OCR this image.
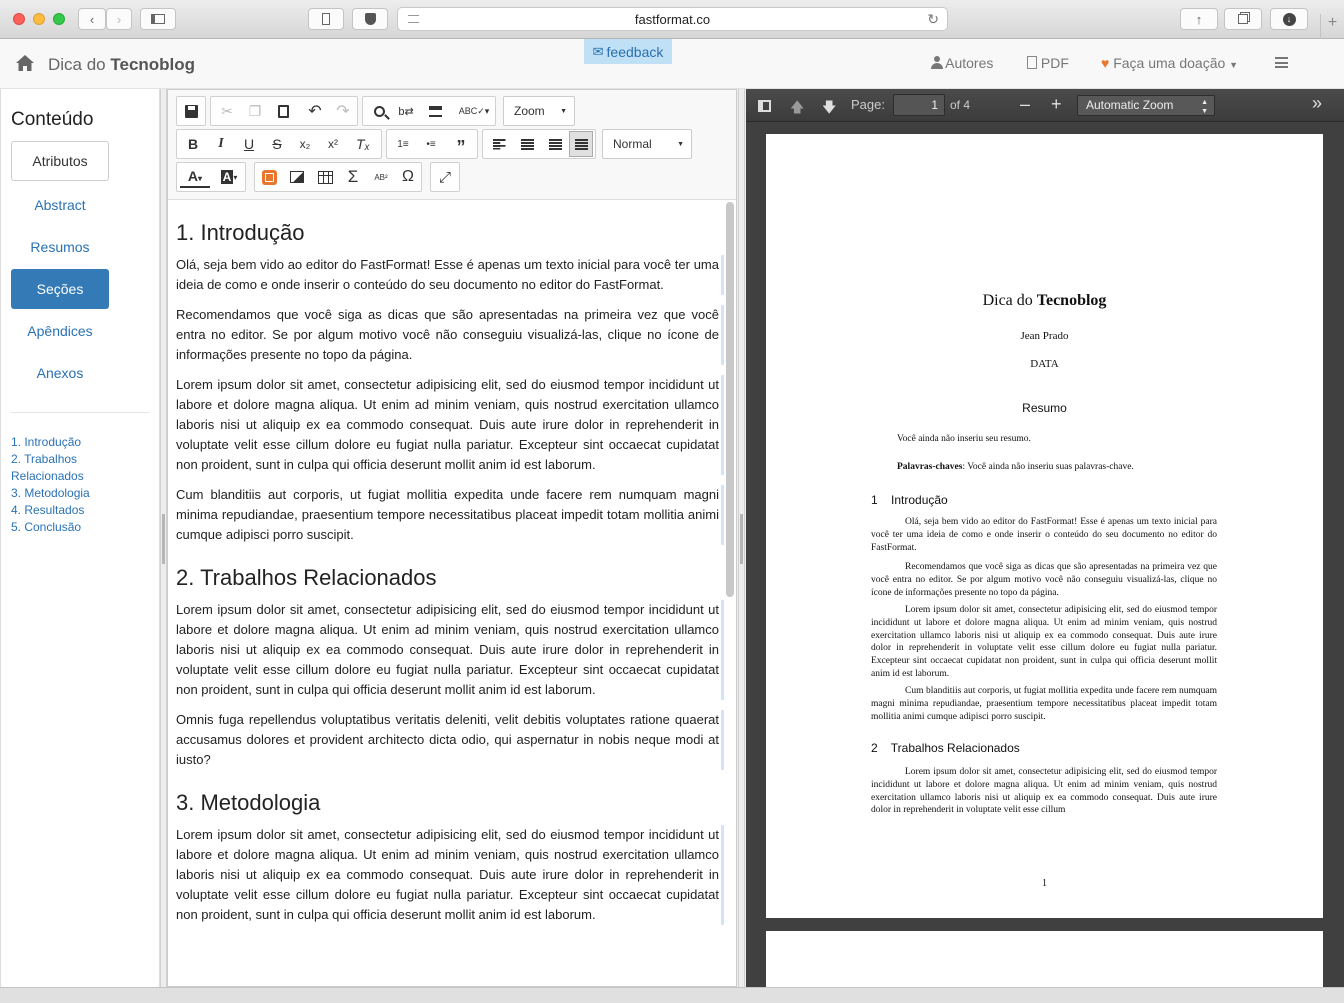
‹ ›	fastformat.co	↻	↑	↓	+
Dica do Tecnoblog	Autores	PDF ♥ Faça uma doação ▼
✉ feedback
Conteúdo
Atributos
Abstract
Resumos
Seções
Apêndices
Anexos
1. Introdução
2. Trabalhos Relacionados
3. Metodologia
4. Resultados
5. Conclusão
✂ ❐	↶ ↷	b⇄	ABC✓▾ Zoom ▼
B I U S x₂ x² Tₓ	1≡ •≡ ”	Normal	▼
A▾ A ▾	Σ AB² Ω ⤢
1. Introdução

Olá, seja bem vido ao editor do FastFormat! Esse é apenas um texto inicial para você ter uma ideia de como e onde inserir o conteúdo do seu documento no editor do FastFormat.

Recomendamos que você siga as dicas que são apresentadas na primeira vez que você entra no editor. Se por algum motivo você não conseguiu visualizá-las, clique no ícone de informações presente no topo da página.

Lorem ipsum dolor sit amet, consectetur adipisicing elit, sed do eiusmod tempor incididunt ut labore et dolore magna aliqua. Ut enim ad minim veniam, quis nostrud exercitation ullamco laboris nisi ut aliquip ex ea commodo consequat. Duis aute irure dolor in reprehenderit in voluptate velit esse cillum dolore eu fugiat nulla pariatur. Excepteur sint occaecat cupidatat non proident, sunt in culpa qui officia deserunt mollit anim id est laborum.

Cum blanditiis aut corporis, ut fugiat mollitia expedita unde facere rem numquam magni minima repudiandae, praesentium tempore necessitatibus placeat impedit totam mollitia animi cumque adipisci porro suscipit.

2. Trabalhos Relacionados

Lorem ipsum dolor sit amet, consectetur adipisicing elit, sed do eiusmod tempor incididunt ut labore et dolore magna aliqua. Ut enim ad minim veniam, quis nostrud exercitation ullamco laboris nisi ut aliquip ex ea commodo consequat. Duis aute irure dolor in reprehenderit in voluptate velit esse cillum dolore eu fugiat nulla pariatur. Excepteur sint occaecat cupidatat non proident, sunt in culpa qui officia deserunt mollit anim id est laborum.

Omnis fuga repellendus voluptatibus veritatis deleniti, velit debitis voluptates ratione quaerat accusamus dolores et provident architecto dicta odio, qui aspernatur in nobis neque modi at iusto?

3. Metodologia

Lorem ipsum dolor sit amet, consectetur adipisicing elit, sed do eiusmod tempor incididunt ut labore et dolore magna aliqua. Ut enim ad minim veniam, quis nostrud exercitation ullamco laboris nisi ut aliquip ex ea commodo consequat. Duis aute irure dolor in reprehenderit in voluptate velit esse cillum dolore eu fugiat nulla pariatur. Excepteur sint occaecat cupidatat non proident, sunt in culpa qui officia deserunt mollit anim id est laborum.

🡅 🡇 Page:	1	of 4	– +	Automatic Zoom	▲
▼	»
Dica do Tecnoblog
Jean Prado
DATA
Resumo
Você ainda não inseriu seu resumo.
Palavras-chaves: Você ainda não inseriu suas palavras-chave.
1    Introdução
Olá, seja bem vido ao editor do FastFormat! Esse é apenas um texto inicial para você ter uma ideia de como e onde inserir o conteúdo do seu documento no editor do FastFormat.
Recomendamos que você siga as dicas que são apresentadas na primeira vez que você entra no editor. Se por algum motivo você não conseguiu visualizá-las, clique no ícone de informações presente no topo da página.
Lorem ipsum dolor sit amet, consectetur adipisicing elit, sed do eiusmod tempor incididunt ut labore et dolore magna aliqua. Ut enim ad minim veniam, quis nostrud exercitation ullamco laboris nisi ut aliquip ex ea commodo consequat. Duis aute irure dolor in reprehenderit in voluptate velit esse cillum dolore eu fugiat nulla pariatur. Excepteur sint occaecat cupidatat non proident, sunt in culpa qui officia deserunt mollit anim id est laborum.
Cum blanditiis aut corporis, ut fugiat mollitia expedita unde facere rem numquam magni minima repudiandae, praesentium tempore necessitatibus placeat impedit totam mollitia animi cumque adipisci porro suscipit.
2    Trabalhos Relacionados
Lorem ipsum dolor sit amet, consectetur adipisicing elit, sed do eiusmod tempor incididunt ut labore et dolore magna aliqua. Ut enim ad minim veniam, quis nostrud exercitation ullamco laboris nisi ut aliquip ex ea commodo consequat. Duis aute irure dolor in reprehenderit in voluptate velit esse cillum
1
